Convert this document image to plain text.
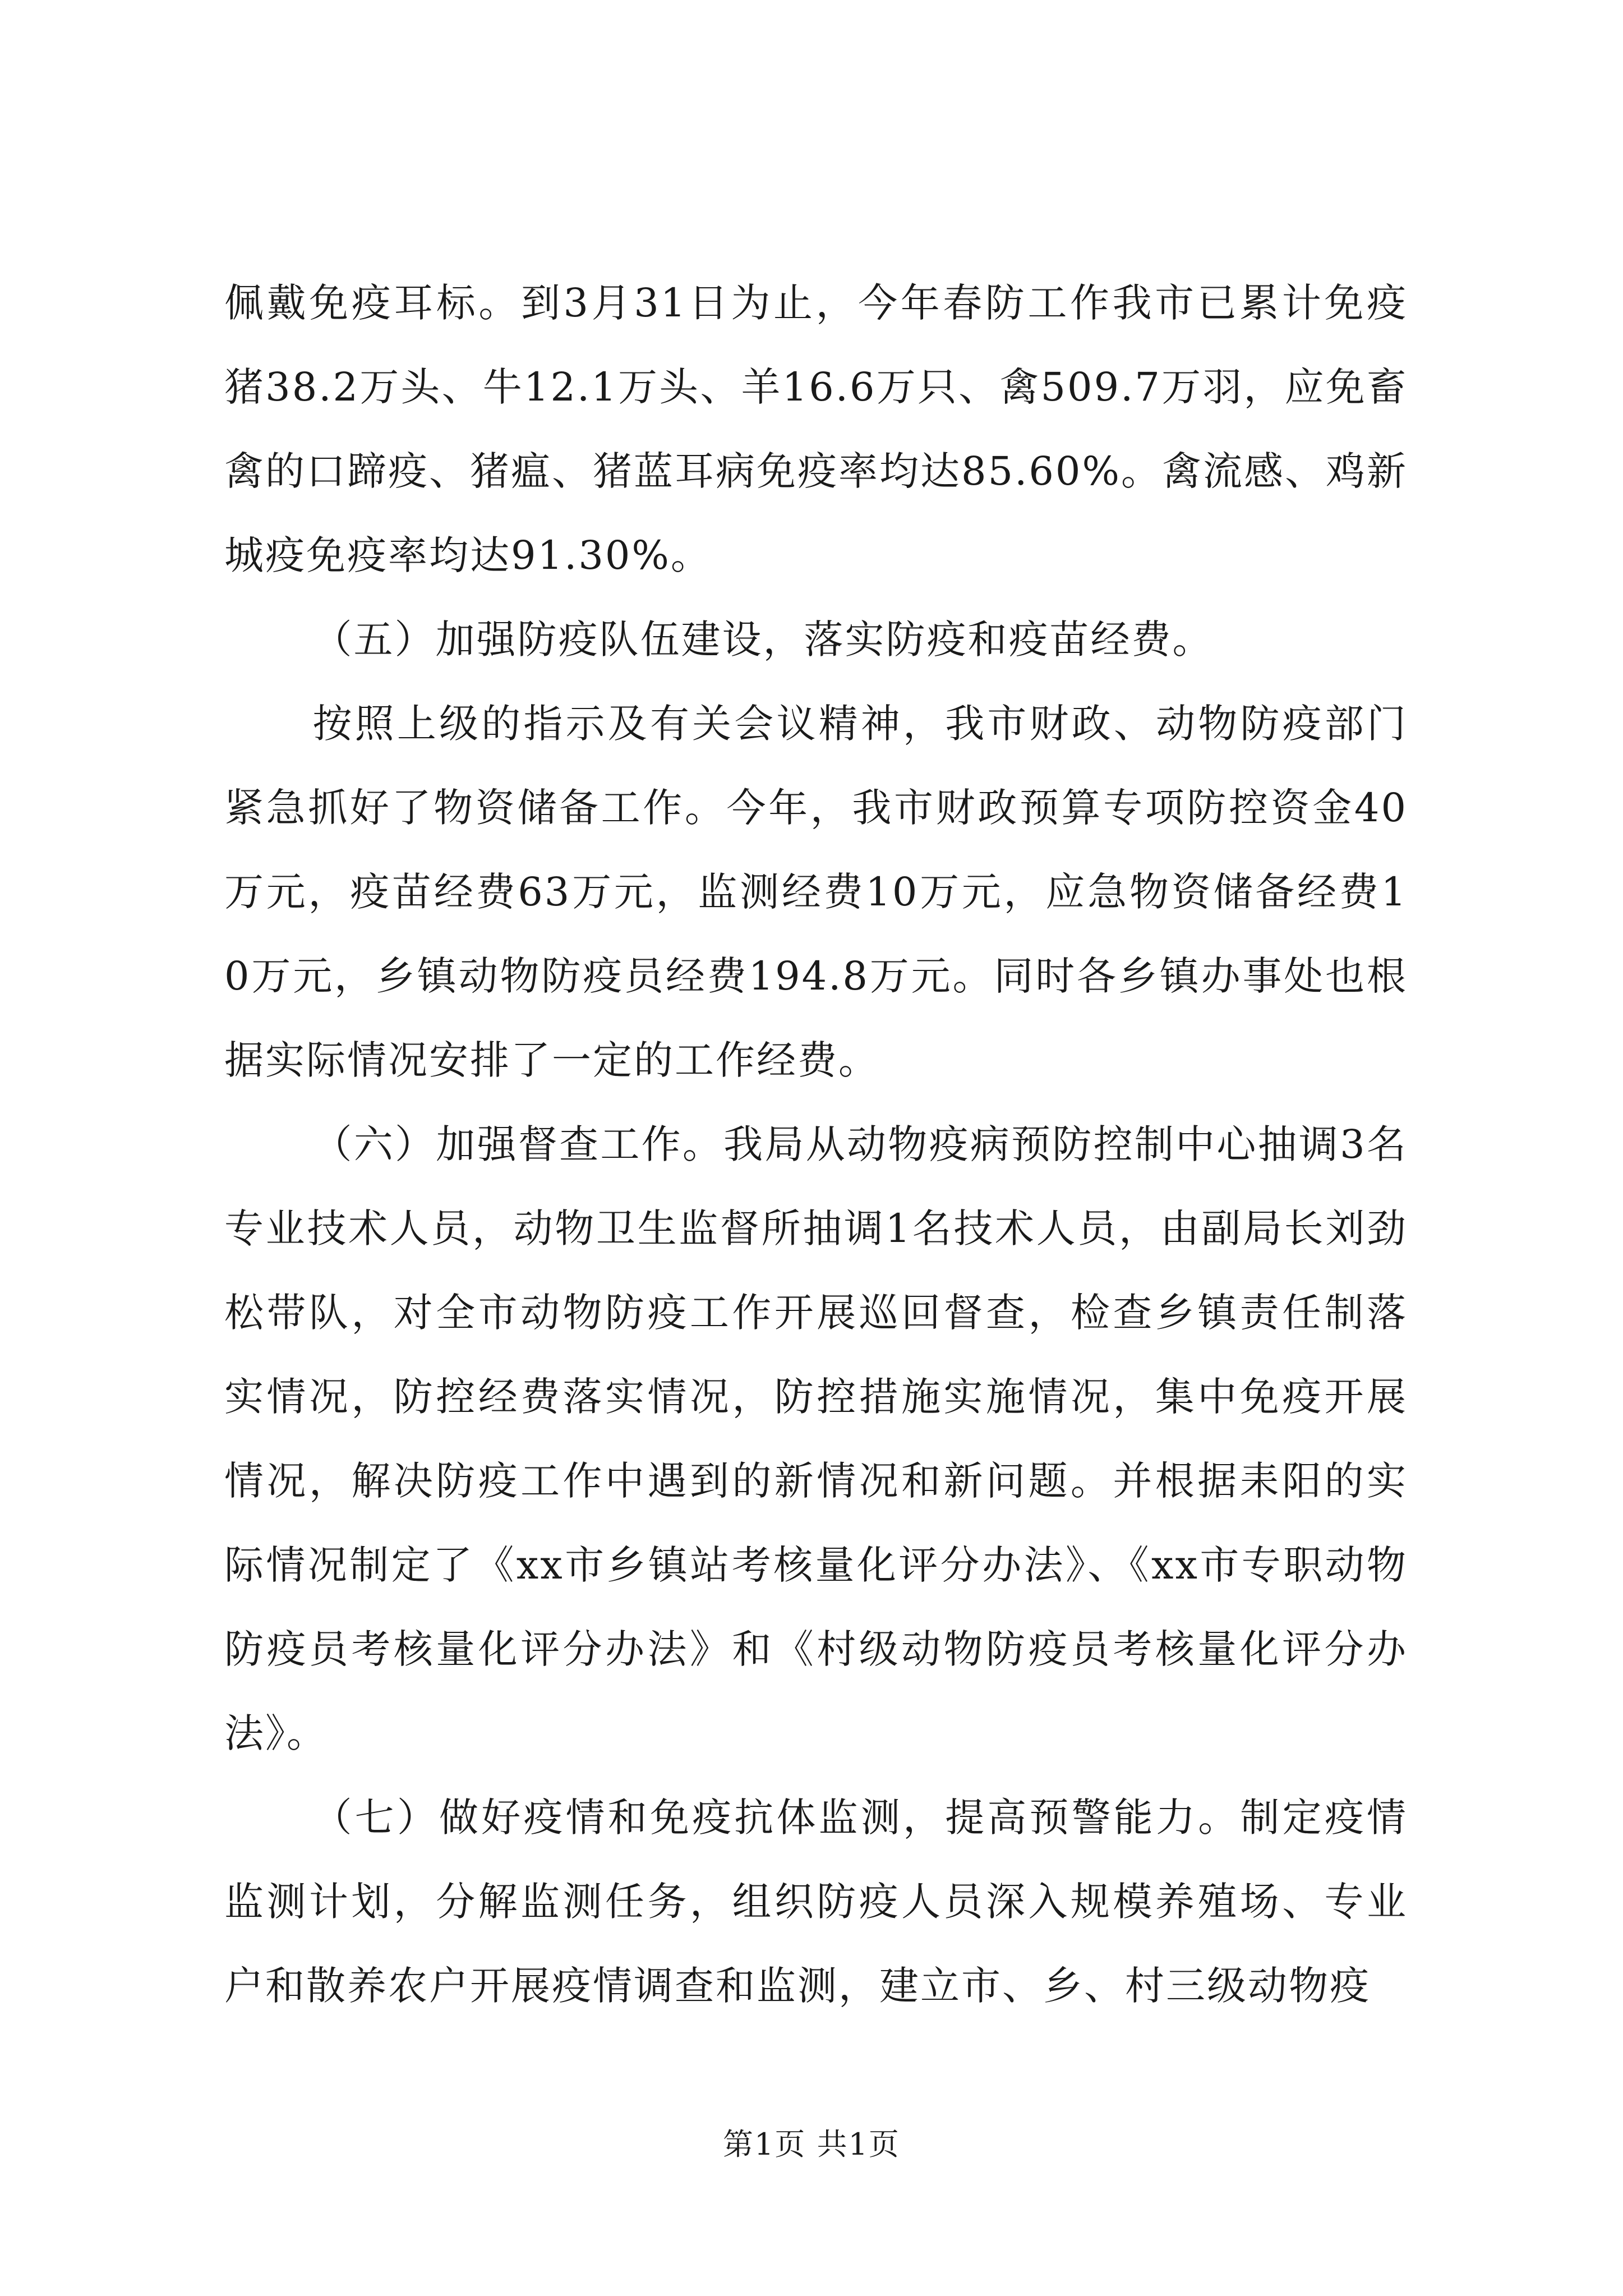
佩戴免疫耳标。到3月31日为止，今年春防工作我市已累计免疫猪38.2万头、牛12.1万头、羊16.6万只、禽509.7万羽，应免畜禽的口蹄疫、猪瘟、猪蓝耳病免疫率均达85.60%。禽流感、鸡新城疫免疫率均达91.30%。

（五）加强防疫队伍建设，落实防疫和疫苗经费。

按照上级的指示及有关会议精神，我市财政、动物防疫部门紧急抓好了物资储备工作。今年，我市财政预算专项防控资金40万元，疫苗经费63万元，监测经费10万元，应急物资储备经费10万元，乡镇动物防疫员经费194.8万元。同时各乡镇办事处也根据实际情况安排了一定的工作经费。

（六）加强督查工作。我局从动物疫病预防控制中心抽调3名专业技术人员，动物卫生监督所抽调1名技术人员，由副局长刘劲松带队，对全市动物防疫工作开展巡回督查，检查乡镇责任制落实情况，防控经费落实情况，防控措施实施情况，集中免疫开展情况，解决防疫工作中遇到的新情况和新问题。并根据耒阳的实际情况制定了《xx市乡镇站考核量化评分办法》、《xx市专职动物防疫员考核量化评分办法》和《村级动物防疫员考核量化评分办法》。

（七）做好疫情和免疫抗体监测，提高预警能力。制定疫情监测计划，分解监测任务，组织防疫人员深入规模养殖场、专业户和散养农户开展疫情调查和监测，建立市、乡、村三级动物疫

第1页 共1页
